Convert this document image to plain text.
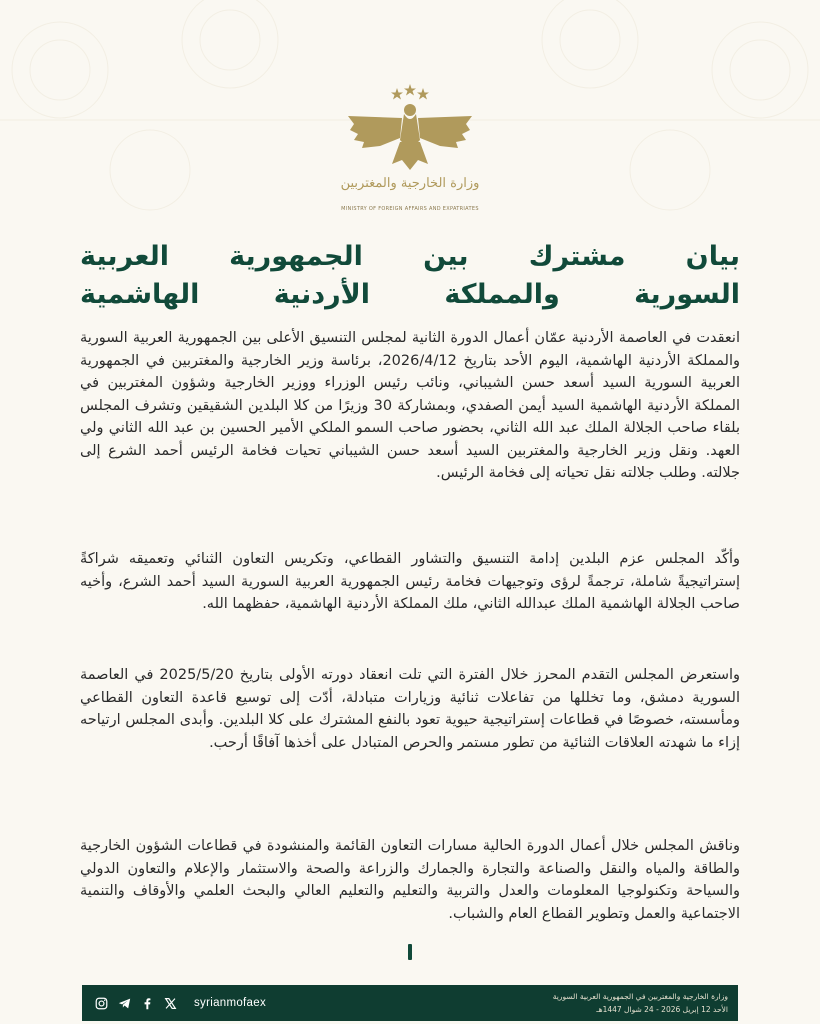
وزارة الخارجية والمغتربين
MINISTRY OF FOREIGN AFFAIRS AND EXPATRIATES
بيان مشترك بين الجمهورية العربية
السورية والمملكة الأردنية الهاشمية
انعقدت في العاصمة الأردنية عمّان أعمال الدورة الثانية لمجلس التنسيق الأعلى بين الجمهورية العربية السورية والمملكة الأردنية الهاشمية، اليوم الأحد بتاريخ 2026/4/12، برئاسة وزير الخارجية والمغتربين في الجمهورية العربية السورية السيد أسعد حسن الشيباني، ونائب رئيس الوزراء ووزير الخارجية وشؤون المغتربين في المملكة الأردنية الهاشمية السيد أيمن الصفدي، وبمشاركة 30 وزيرًا من كلا البلدين الشقيقين وتشرف المجلس بلقاء صاحب الجلالة الملك عبد الله الثاني، بحضور صاحب السمو الملكي الأمير الحسين بن عبد الله الثاني ولي العهد. ونقل وزير الخارجية والمغتربين السيد أسعد حسن الشيباني تحيات فخامة الرئيس أحمد الشرع إلى جلالته. وطلب جلالته نقل تحياته إلى فخامة الرئيس.
وأكّد المجلس عزم البلدين إدامة التنسيق والتشاور القطاعي، وتكريس التعاون الثنائي وتعميقه شراكةً إستراتيجيةً شاملة، ترجمةً لرؤى وتوجيهات فخامة رئيس الجمهورية العربية السورية السيد أحمد الشرع، وأخيه صاحب الجلالة الهاشمية الملك عبدالله الثاني، ملك المملكة الأردنية الهاشمية، حفظهما الله.
واستعرض المجلس التقدم المحرز خلال الفترة التي تلت انعقاد دورته الأولى بتاريخ 2025/5/20 في العاصمة السورية دمشق، وما تخللها من تفاعلات ثنائية وزيارات متبادلة، أدّت إلى توسيع قاعدة التعاون القطاعي ومأسسته، خصوصًا في قطاعات إستراتيجية حيوية تعود بالنفع المشترك على كلا البلدين. وأبدى المجلس ارتياحه إزاء ما شهدته العلاقات الثنائية من تطور مستمر والحرص المتبادل على أخذها آفاقًا أرحب.
وناقش المجلس خلال أعمال الدورة الحالية مسارات التعاون القائمة والمنشودة في قطاعات الشؤون الخارجية والطاقة والمياه والنقل والصناعة والتجارة والجمارك والزراعة والصحة والاستثمار والإعلام والتعاون الدولي والسياحة وتكنولوجيا المعلومات والعدل والتربية والتعليم والتعليم العالي والبحث العلمي والأوقاف والتنمية الاجتماعية والعمل وتطوير القطاع العام والشباب.
syrianmofaex
وزارة الخارجية والمغتربين في الجمهورية العربية السورية
الأحد 12 إبريل 2026 - 24 شوال 1447هـ
